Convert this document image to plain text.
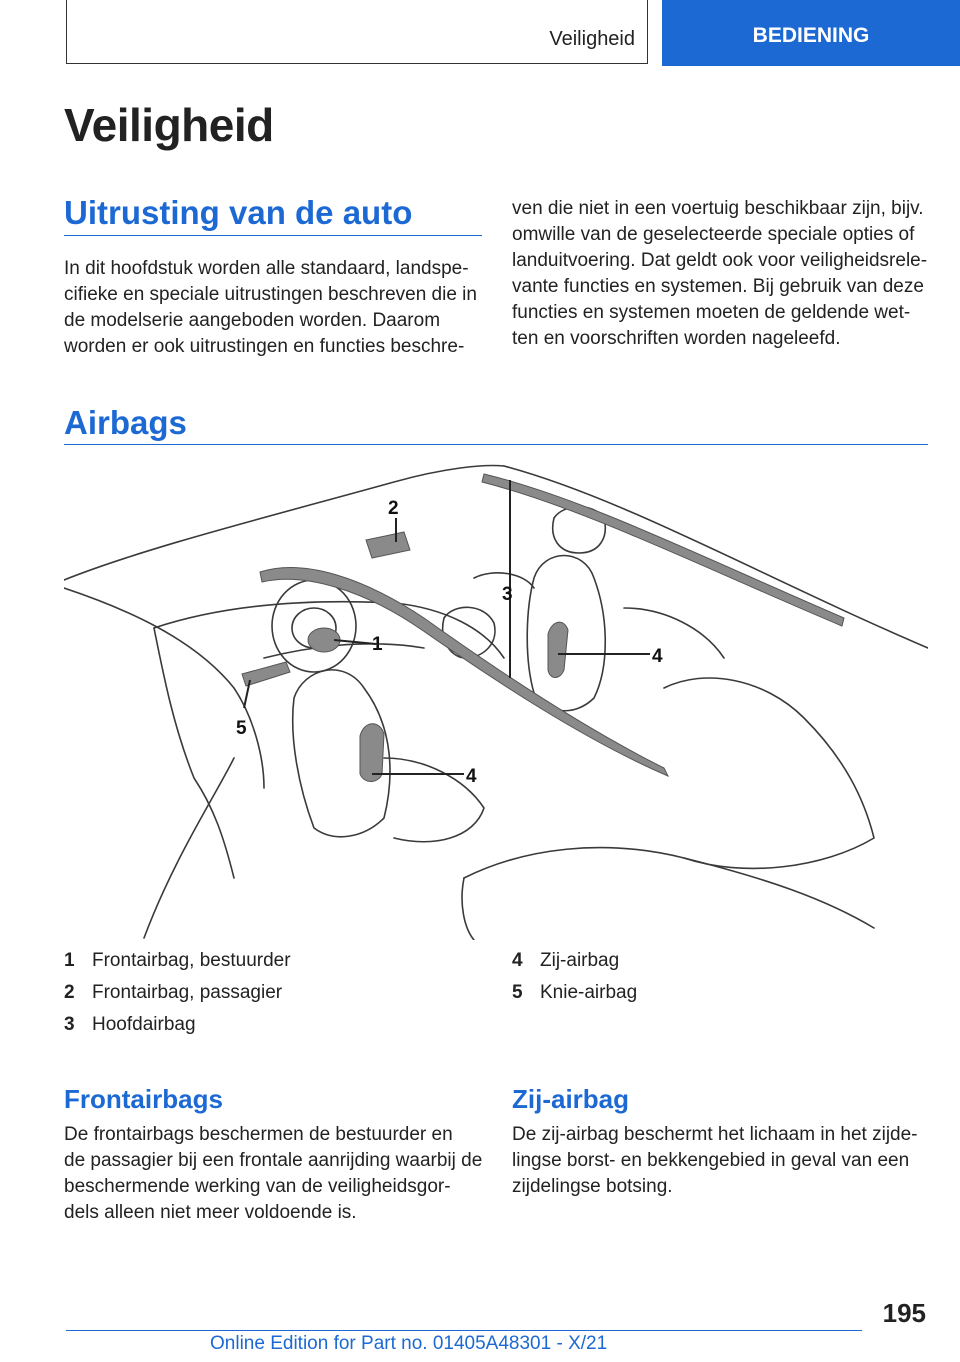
Veiligheid	BEDIENING
Veiligheid
Uitrusting van de auto
In dit hoofdstuk worden alle standaard, landspe-
cifieke en speciale uitrustingen beschreven die in
de modelserie aangeboden worden. Daarom
worden er ook uitrustingen en functies beschre-
ven die niet in een voertuig beschikbaar zijn, bijv.
omwille van de geselecteerde speciale opties of
landuitvoering. Dat geldt ook voor veiligheidsrele-
vante functies en systemen. Bij gebruik van deze
functies en systemen moeten de geldende wet-
ten en voorschriften worden nageleefd.
Airbags
1
2
3
4
4
5
1 Frontairbag, bestuurder
2 Frontairbag, passagier
3 Hoofdairbag
4 Zij-airbag
5 Knie-airbag
Frontairbags
De frontairbags beschermen de bestuurder en
de passagier bij een frontale aanrijding waarbij de
beschermende werking van de veiligheidsgor-
dels alleen niet meer voldoende is.
Zij-airbag
De zij-airbag beschermt het lichaam in het zijde-
lingse borst- en bekkengebied in geval van een
zijdelingse botsing.
195
Online Edition for Part no. 01405A48301 - X/21
